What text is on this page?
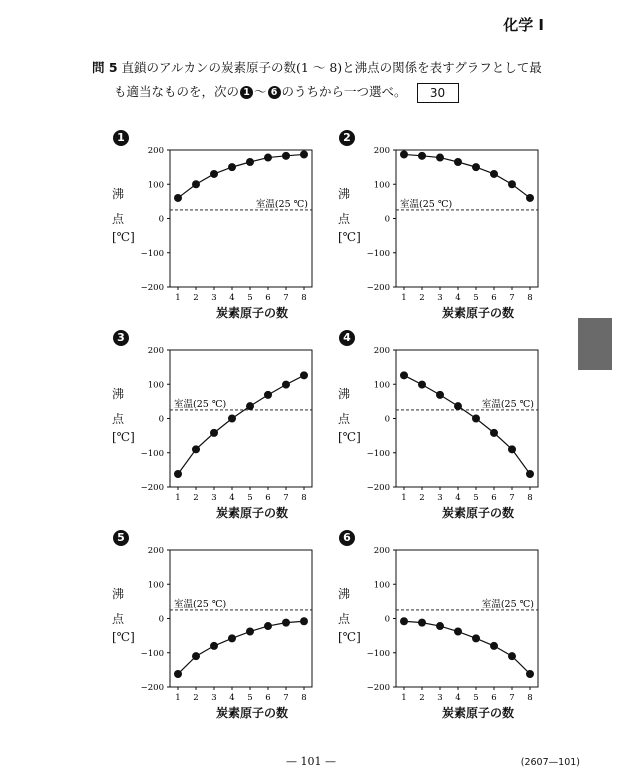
化学 I
問 5 直鎖のアルカンの炭素原子の数(1 ～ 8)と沸点の関係を表すグラフとして最
も適当なものを，次の 1 ～ 6 のうちから一つ選べ。 30
1
沸
点
[℃]
200
100
0
−100
−200
1 2 3 4 5 6 7 8
室温(25 ℃)
炭素原子の数
2
沸
点
[℃]
200
100
0
−100
−200
1 2 3 4 5 6 7 8
室温(25 ℃)
炭素原子の数
3
沸
点
[℃]
200
100
0
−100
−200
1 2 3 4 5 6 7 8
室温(25 ℃)
炭素原子の数
4
沸
点
[℃]
200
100
0
−100
−200
1 2 3 4 5 6 7 8
室温(25 ℃)
炭素原子の数
5
沸
点
[℃]
200
100
0
−100
−200
1 2 3 4 5 6 7 8
室温(25 ℃)
炭素原子の数
6
沸
点
[℃]
200
100
0
−100
−200
1 2 3 4 5 6 7 8
室温(25 ℃)
炭素原子の数
— 101 —	(2607—101)
